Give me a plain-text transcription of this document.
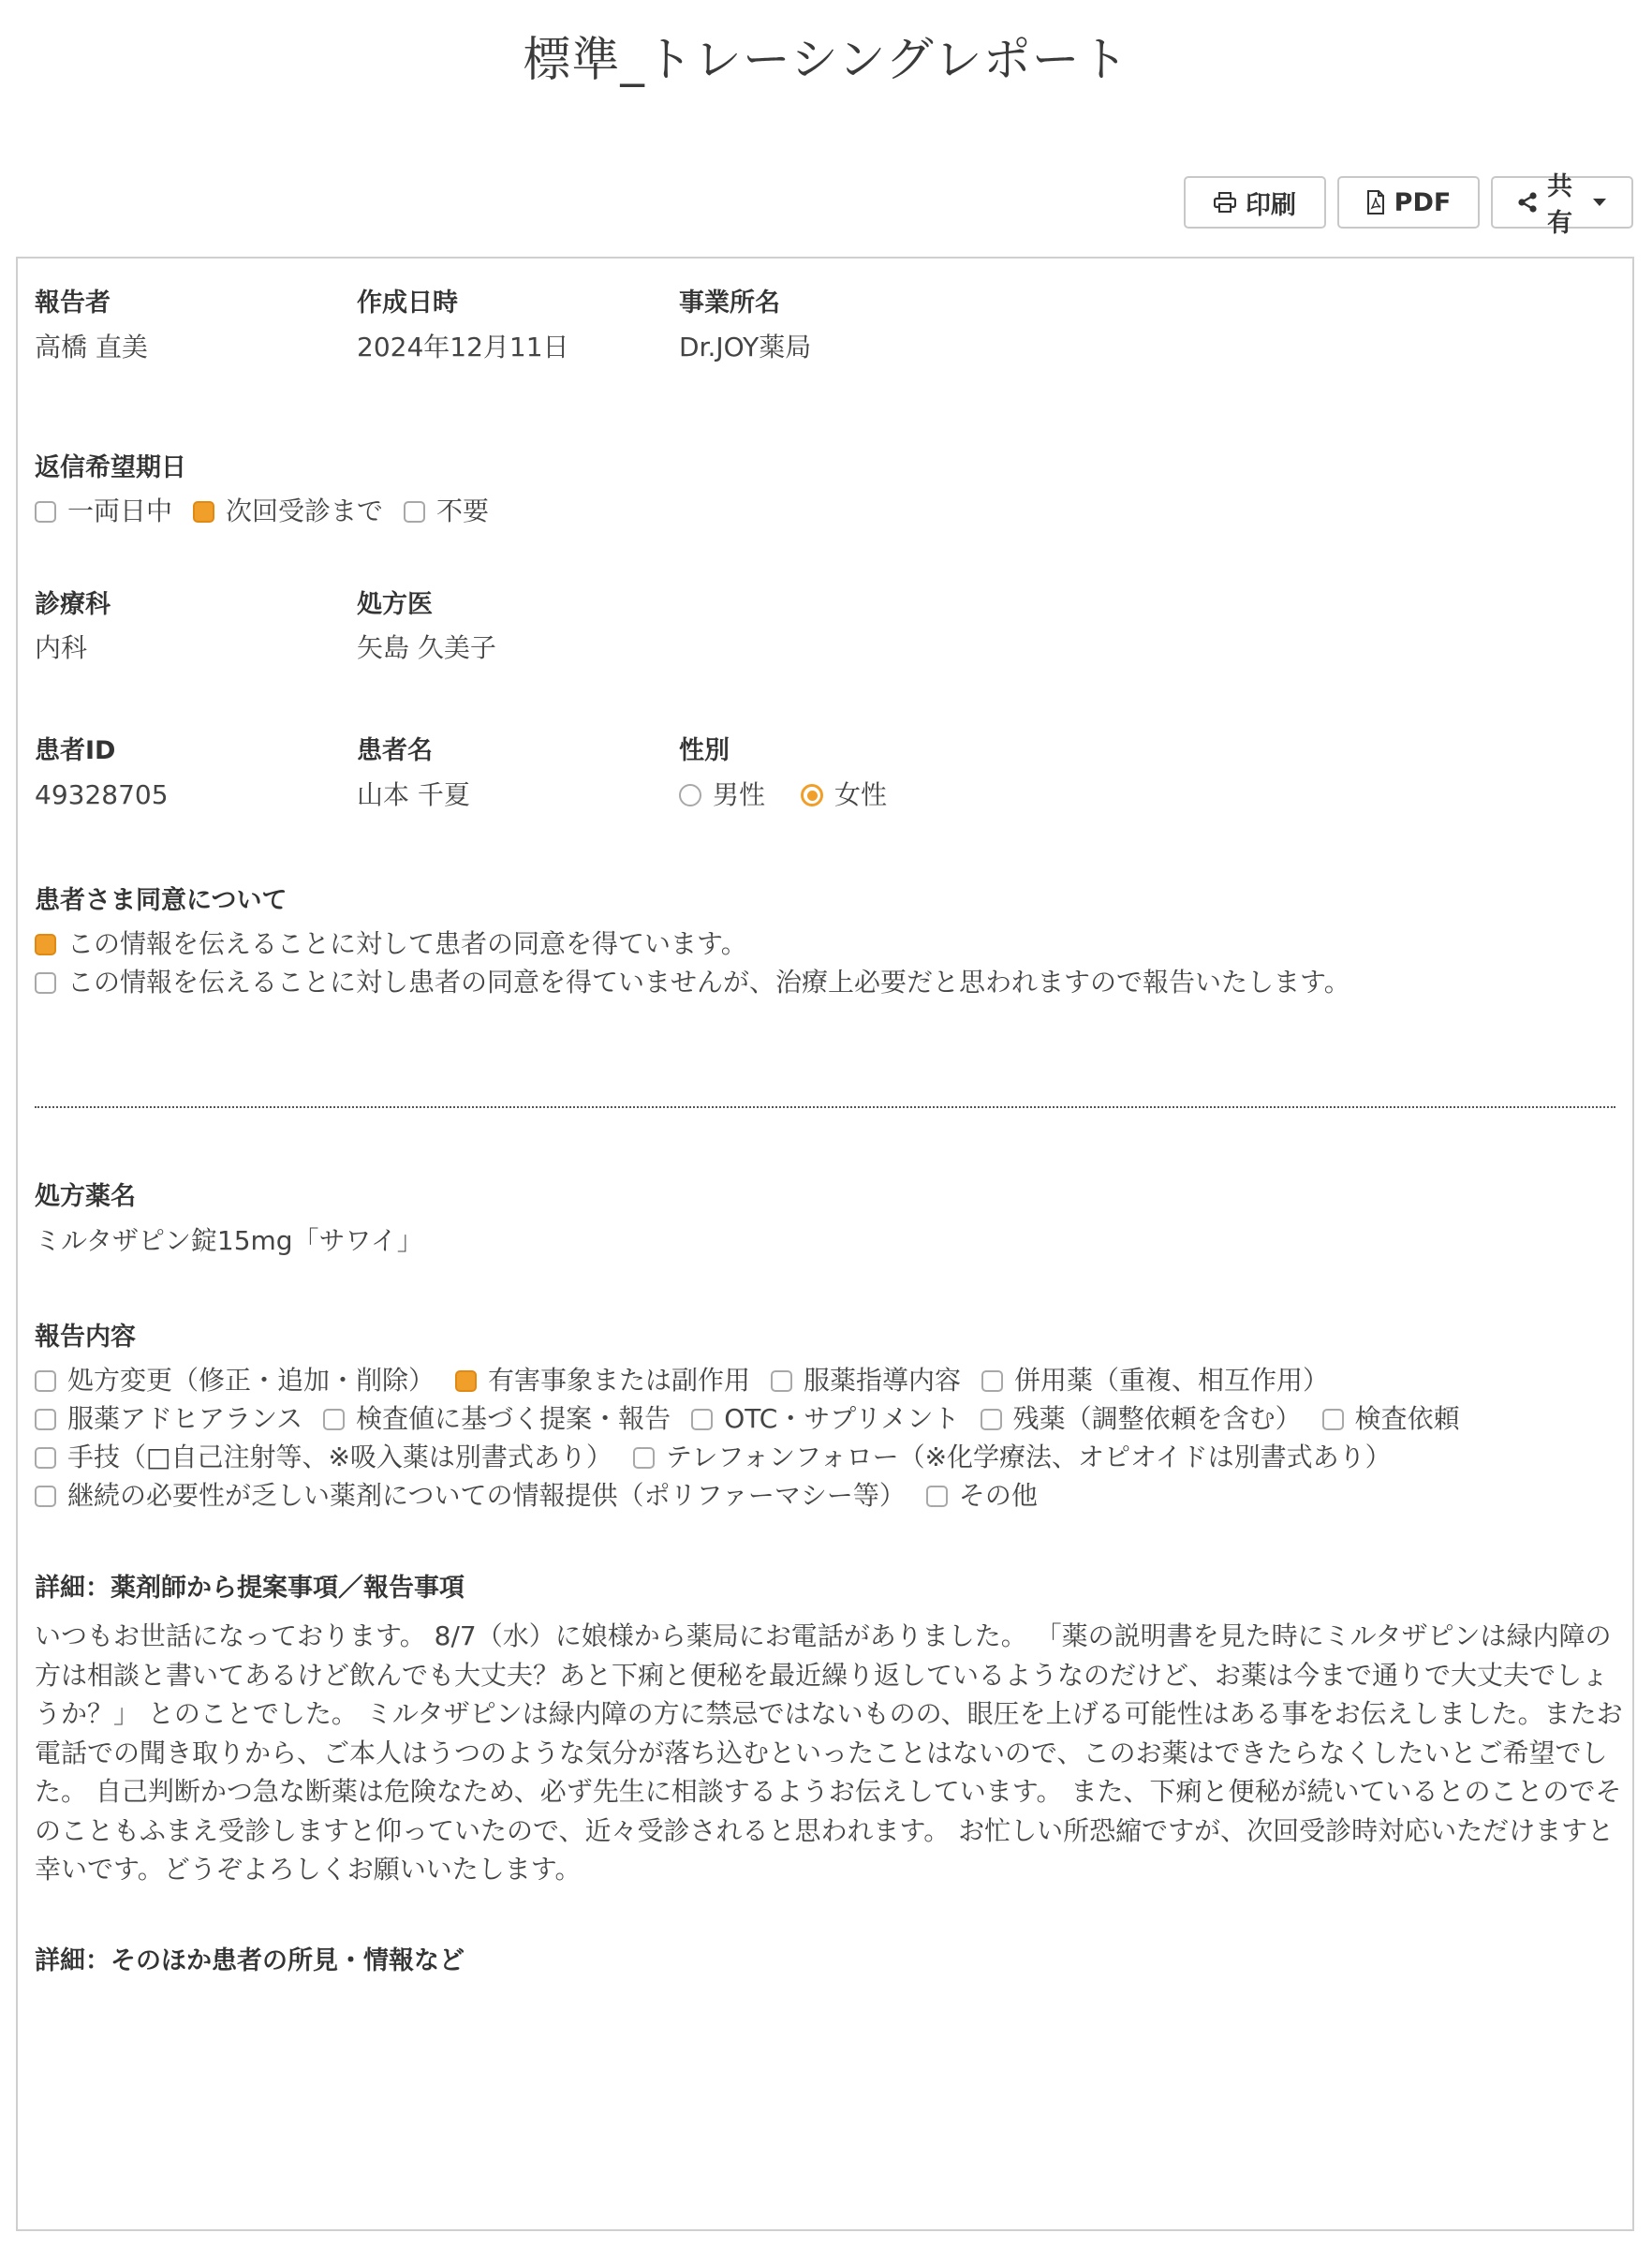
標準_トレーシングレポート
印刷	PDF
共有
報告者
高橋 直美
作成日時
2024年12月11日
事業所名
Dr.JOY薬局
返信希望期日
一両日中 次回受診まで 不要
診療科
内科
処方医
矢島 久美子
患者ID
49328705
患者名
山本 千夏
性別
男性	女性
患者さま同意について
この情報を伝えることに対して患者の同意を得ています。
この情報を伝えることに対し患者の同意を得ていませんが、治療上必要だと思われますので報告いたします。
処方薬名
ミルタザピン錠15mg「サワイ」
報告内容
処方変更（修正・追加・削除） 有害事象または副作用 服薬指導内容 併用薬（重複、相互作用）
服薬アドヒアランス 検査値に基づく提案・報告 OTC・サプリメント 残薬（調整依頼を含む） 検査依頼
手技（□自己注射等、※吸入薬は別書式あり） テレフォンフォロー（※化学療法、オピオイドは別書式あり）
継続の必要性が乏しい薬剤についての情報提供（ポリファーマシー等） その他
詳細：薬剤師から提案事項／報告事項
いつもお世話になっております。 8/7（水）に娘様から薬局にお電話がありました。 「薬の説明書を見た時にミルタザピンは緑内障の方は相談と書いてあるけど飲んでも大丈夫？あと下痢と便秘を最近繰り返しているようなのだけど、お薬は今まで通りで大丈夫でしょうか？」 とのことでした。 ミルタザピンは緑内障の方に禁忌ではないものの、眼圧を上げる可能性はある事をお伝えしました。またお電話での聞き取りから、ご本人はうつのような気分が落ち込むといったことはないので、このお薬はできたらなくしたいとご希望でした。 自己判断かつ急な断薬は危険なため、必ず先生に相談するようお伝えしています。 また、下痢と便秘が続いているとのことのでそのこともふまえ受診しますと仰っていたので、近々受診されると思われます。 お忙しい所恐縮ですが、次回受診時対応いただけますと幸いです。どうぞよろしくお願いいたします。
詳細：そのほか患者の所見・情報など
